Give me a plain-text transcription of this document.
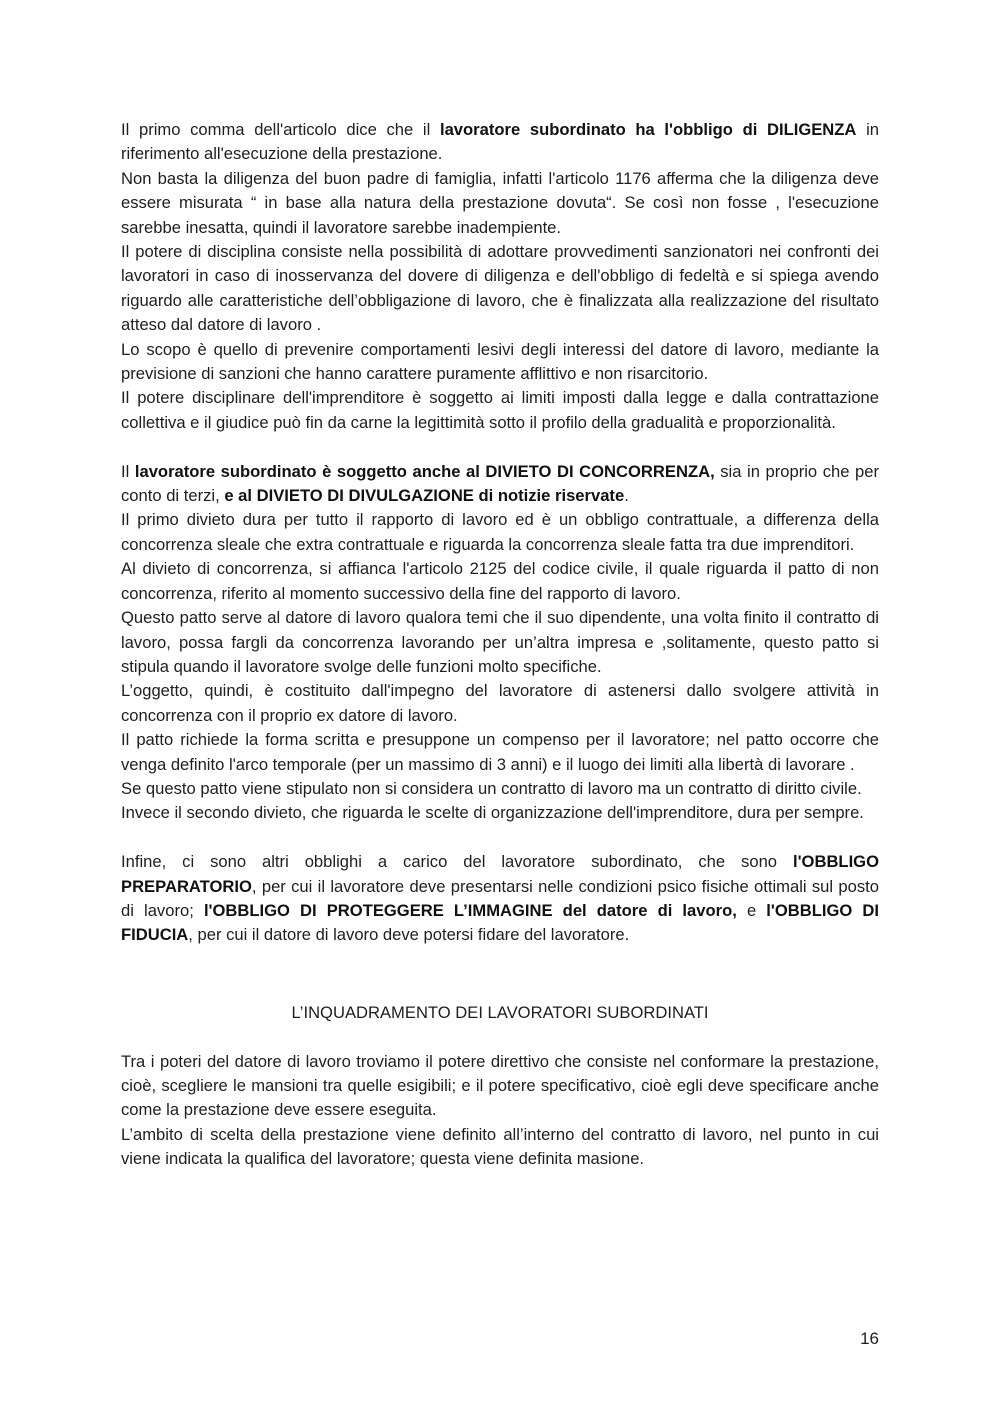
Il primo comma dell'articolo dice che il lavoratore subordinato ha l'obbligo di DILIGENZA in riferimento all'esecuzione della prestazione.

Non basta la diligenza del buon padre di famiglia, infatti l'articolo 1176 afferma che la diligenza deve essere misurata “ in base alla natura della prestazione dovuta“. Se così non fosse , l'esecuzione sarebbe inesatta, quindi il lavoratore sarebbe inadempiente.

Il potere di disciplina consiste nella possibilità di adottare provvedimenti sanzionatori nei confronti dei lavoratori in caso di inosservanza del dovere di diligenza e dell'obbligo di fedeltà e si spiega avendo riguardo alle caratteristiche dell’obbligazione di lavoro, che è finalizzata alla realizzazione del risultato atteso dal datore di lavoro .

Lo scopo è quello di prevenire comportamenti lesivi degli interessi del datore di lavoro, mediante la previsione di sanzioni che hanno carattere puramente afflittivo e non risarcitorio.

Il potere disciplinare dell'imprenditore è soggetto ai limiti imposti dalla legge e dalla contrattazione collettiva e il giudice può fin da carne la legittimità sotto il profilo della gradualità e proporzionalità.

Il lavoratore subordinato è soggetto anche al DIVIETO DI CONCORRENZA, sia in proprio che per conto di terzi, e al DIVIETO DI DIVULGAZIONE di notizie riservate.

Il primo divieto dura per tutto il rapporto di lavoro ed è un obbligo contrattuale, a differenza della concorrenza sleale che extra contrattuale e riguarda la concorrenza sleale fatta tra due imprenditori.

Al divieto di concorrenza, si affianca l'articolo 2125 del codice civile, il quale riguarda il patto di non concorrenza, riferito al momento successivo della fine del rapporto di lavoro.

Questo patto serve al datore di lavoro qualora temi che il suo dipendente, una volta finito il contratto di lavoro, possa fargli da concorrenza lavorando per un’altra impresa e ,solitamente, questo patto si stipula quando il lavoratore svolge delle funzioni molto specifiche.

L’oggetto, quindi, è costituito dall'impegno del lavoratore di astenersi dallo svolgere attività in concorrenza con il proprio ex datore di lavoro.

Il patto richiede la forma scritta e presuppone un compenso per il lavoratore; nel patto occorre che venga definito l'arco temporale (per un massimo di 3 anni) e il luogo dei limiti alla libertà di lavorare .

Se questo patto viene stipulato non si considera un contratto di lavoro ma un contratto di diritto civile.

Invece il secondo divieto, che riguarda le scelte di organizzazione dell'imprenditore, dura per sempre.

Infine, ci sono altri obblighi a carico del lavoratore subordinato, che sono l'OBBLIGO PREPARATORIO, per cui il lavoratore deve presentarsi nelle condizioni psico fisiche ottimali sul posto di lavoro; l'OBBLIGO DI PROTEGGERE L’IMMAGINE del datore di lavoro, e l'OBBLIGO DI FIDUCIA, per cui il datore di lavoro deve potersi fidare del lavoratore.

L’INQUADRAMENTO DEI LAVORATORI SUBORDINATI

Tra i poteri del datore di lavoro troviamo il potere direttivo che consiste nel conformare la prestazione, cioè, scegliere le mansioni tra quelle esigibili; e il potere specificativo, cioè egli deve specificare anche come la prestazione deve essere eseguita.

L’ambito di scelta della prestazione viene definito all’interno del contratto di lavoro, nel punto in cui viene indicata la qualifica del lavoratore; questa viene definita masione.

16
